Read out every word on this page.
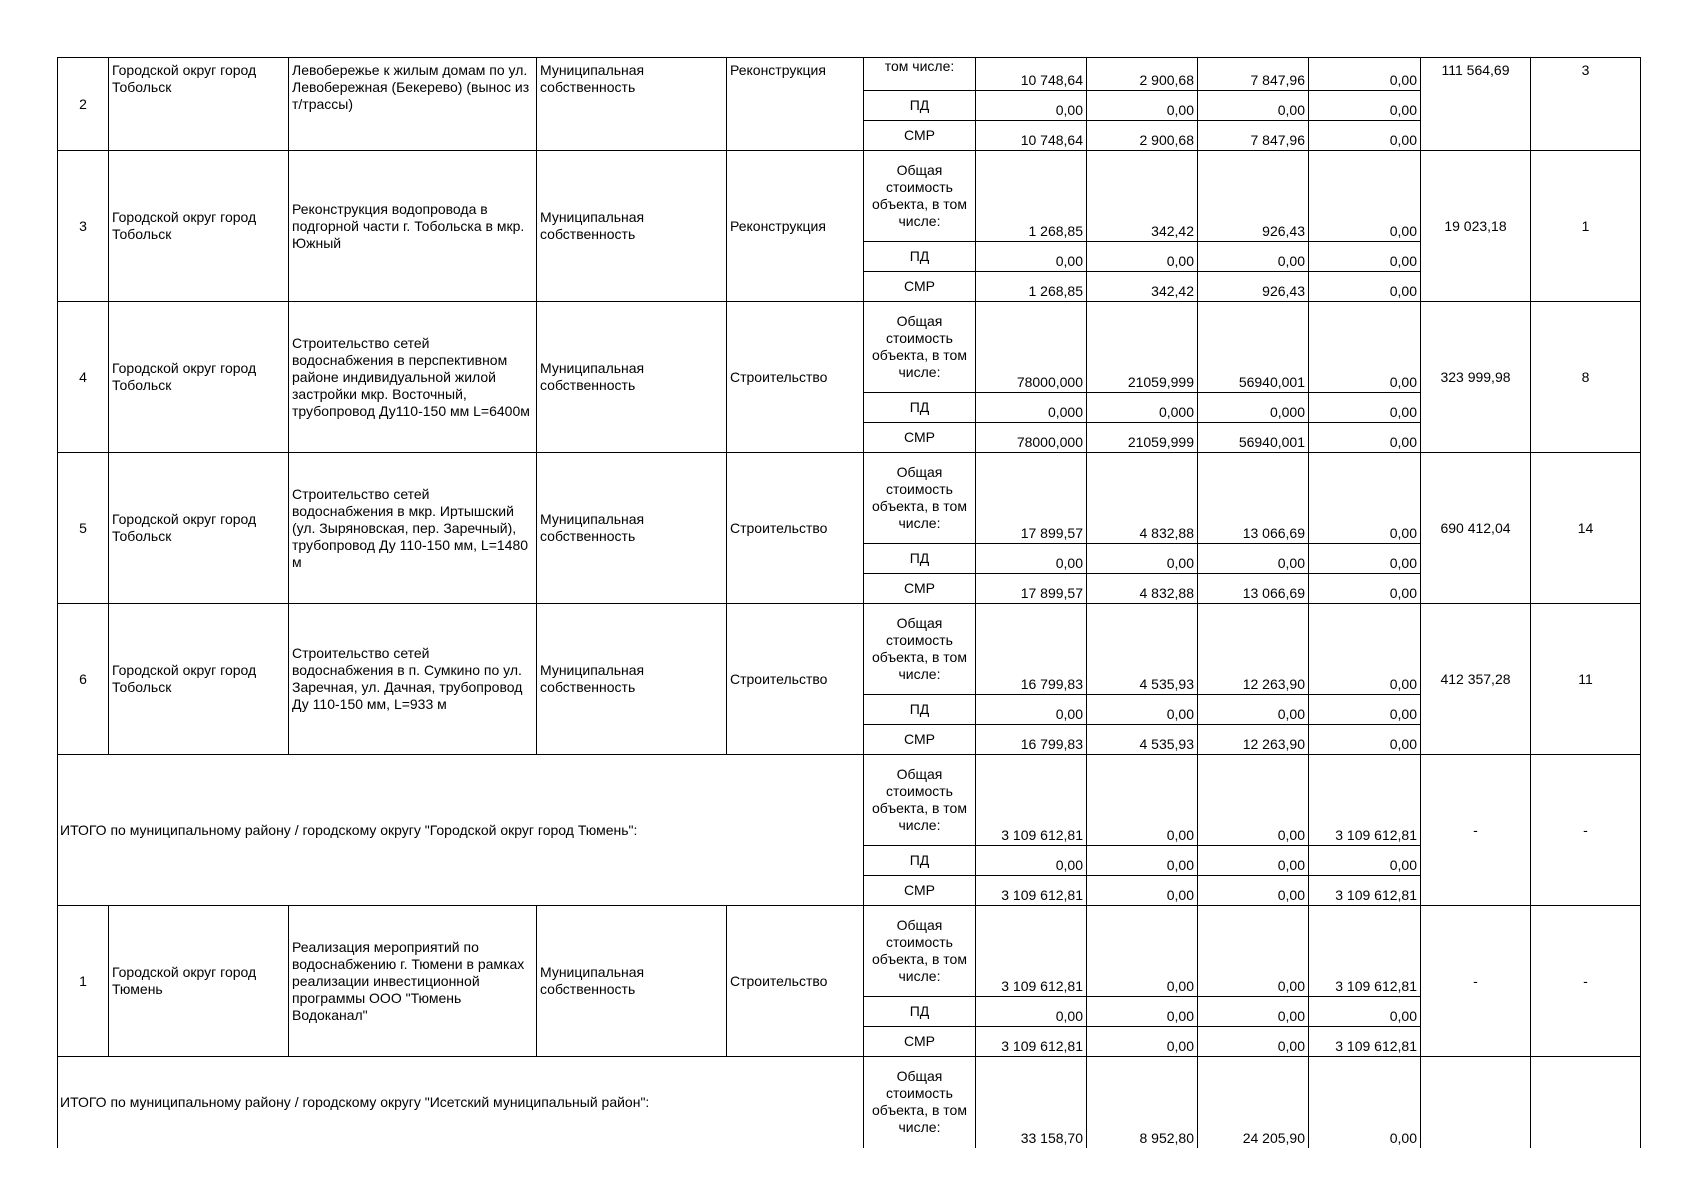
2	Городской округ город Тобольск	Левобережье к жилым домам по ул. Левобережная (Бекерево) (вынос из т/трассы)	Муниципальная собственность	Реконструкция	том числе:	10 748,64	2 900,68	7 847,96	0,00	111 564,69	3
					ПД	0,00	0,00	0,00	0,00		
					СМР	10 748,64	2 900,68	7 847,96	0,00		
3	Городской округ город Тобольск	Реконструкция водопровода в подгорной части г. Тобольска в мкр. Южный	Муниципальная собственность	Реконструкция	Общая стоимость объекта, в том числе:	1 268,85	342,42	926,43	0,00	19 023,18	1
					ПД	0,00	0,00	0,00	0,00		
					СМР	1 268,85	342,42	926,43	0,00		
4	Городской округ город Тобольск	Строительство сетей водоснабжения в перспективном районе индивидуальной жилой застройки мкр. Восточный, трубопровод Ду110-150 мм L=6400м	Муниципальная собственность	Строительство	Общая стоимость объекта, в том числе:	78000,000	21059,999	56940,001	0,00	323 999,98	8
					ПД	0,000	0,000	0,000	0,00		
					СМР	78000,000	21059,999	56940,001	0,00		
5	Городской округ город Тобольск	Строительство сетей водоснабжения в мкр. Иртышский (ул. Зыряновская, пер. Заречный), трубопровод Ду 110-150 мм, L=1480 м	Муниципальная собственность	Строительство	Общая стоимость объекта, в том числе:	17 899,57	4 832,88	13 066,69	0,00	690 412,04	14
					ПД	0,00	0,00	0,00	0,00		
					СМР	17 899,57	4 832,88	13 066,69	0,00		
6	Городской округ город Тобольск	Строительство сетей водоснабжения в п. Сумкино по ул. Заречная, ул. Дачная, трубопровод Ду 110-150 мм, L=933 м	Муниципальная собственность	Строительство	Общая стоимость объекта, в том числе:	16 799,83	4 535,93	12 263,90	0,00	412 357,28	11
					ПД	0,00	0,00	0,00	0,00		
					СМР	16 799,83	4 535,93	12 263,90	0,00		
ИТОГО по муниципальному району / городскому округу "Городской округ город Тюмень":					Общая стоимость объекта, в том числе:	3 109 612,81	0,00	0,00	3 109 612,81	-	-
					ПД	0,00	0,00	0,00	0,00		
					СМР	3 109 612,81	0,00	0,00	3 109 612,81		
1	Городской округ город Тюмень	Реализация мероприятий по водоснабжению г. Тюмени в рамках реализации инвестиционной программы ООО "Тюмень Водоканал"	Муниципальная собственность	Строительство	Общая стоимость объекта, в том числе:	3 109 612,81	0,00	0,00	3 109 612,81	-	-
					ПД	0,00	0,00	0,00	0,00		
					СМР	3 109 612,81	0,00	0,00	3 109 612,81		
ИТОГО по муниципальному району / городскому округу "Исетский муниципальный район":					Общая стоимость объекта, в том числе:	33 158,70	8 952,80	24 205,90	0,00		
